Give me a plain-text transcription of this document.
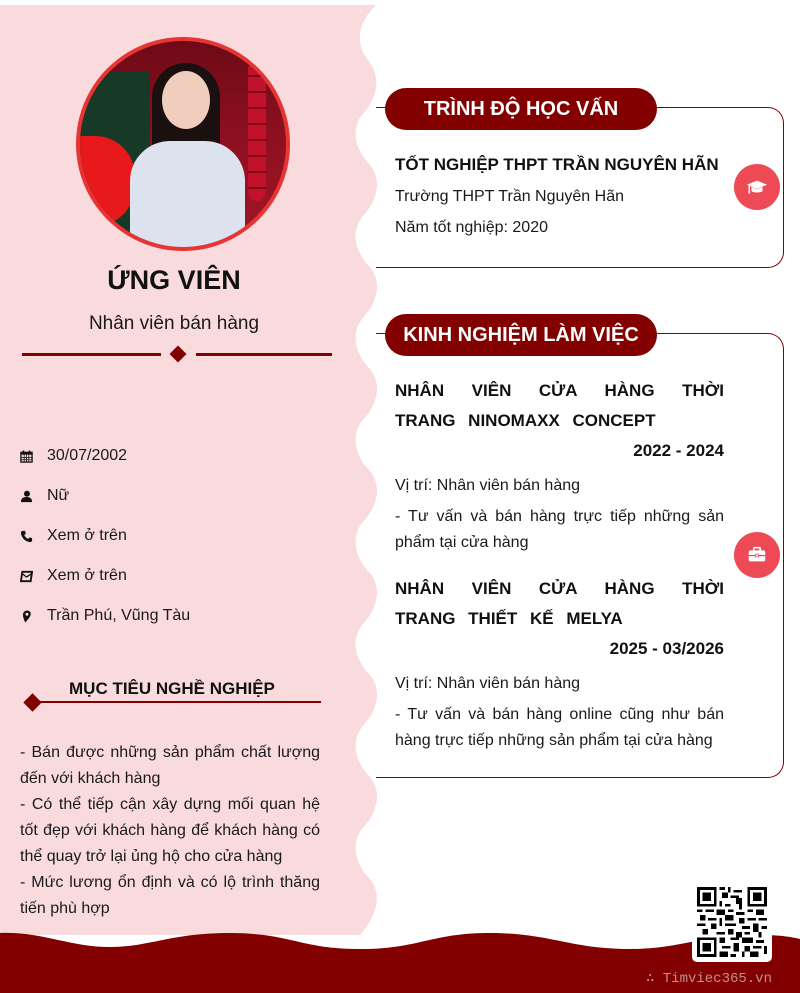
ỨNG VIÊN
Nhân viên bán hàng
30/07/2002
Nữ
Xem ở trên
Xem ở trên
Trần Phú, Vũng Tàu
MỤC TIÊU NGHỀ NGHIỆP

- Bán được những sản phẩm chất lượng đến với khách hàng

- Có thể tiếp cận xây dựng mối quan hệ tốt đẹp với khách hàng để khách hàng có thể quay trở lại ủng hộ cho cửa hàng

- Mức lương ổn định và có lộ trình thăng tiến phù hợp

TRÌNH ĐỘ HỌC VẤN
TỐT NGHIỆP THPT TRẦN NGUYÊN HÃN
Trường THPT Trần Nguyên Hãn
Năm tốt nghiệp: 2020
KINH NGHIỆM LÀM VIỆC
NHÂN VIÊN CỬA HÀNG THỜI TRANG NINOMAXX CONCEPT
2022 - 2024
Vị trí: Nhân viên bán hàng
- Tư vấn và bán hàng trực tiếp những sản phẩm tại cửa hàng
NHÂN VIÊN CỬA HÀNG THỜI TRANG THIẾT KẾ MELYA
2025 - 03/2026
Vị trí: Nhân viên bán hàng
- Tư vấn và bán hàng online cũng như bán hàng trực tiếp những sản phẩm tại cửa hàng
∴ Timviec365.vn
